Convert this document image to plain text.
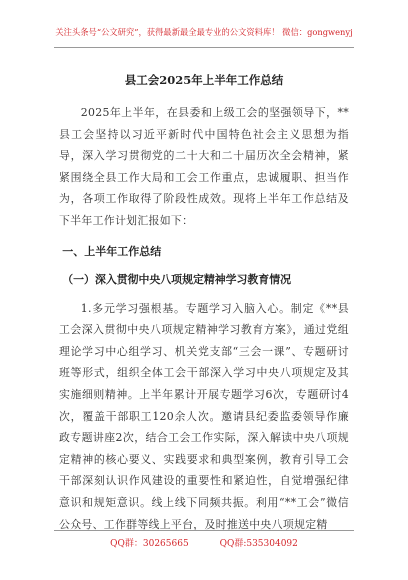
关注头条号“公文研究”，获得最新最全最专业的公文资料库！ 微信：gongwenyj
县工会2025年上半年工作总结

2025年上半年，在县委和上级工会的坚强领导下，**县工会坚持以习近平新时代中国特色社会主义思想为指导，深入学习贯彻党的二十大和二十届历次全会精神，紧紧围绕全县工作大局和工会工作重点，忠诚履职、担当作为，各项工作取得了阶段性成效。现将上半年工作总结及下半年工作计划汇报如下：

一、上半年工作总结
（一）深入贯彻中央八项规定精神学习教育情况

1.多元学习强根基。专题学习入脑入心。制定《**县工会深入贯彻中央八项规定精神学习教育方案》，通过党组理论学习中心组学习、机关党支部“三会一课”、专题研讨班等形式，组织全体工会干部深入学习中央八项规定及其实施细则精神。上半年累计开展专题学习6次，专题研讨4次，覆盖干部职工120余人次。邀请县纪委监委领导作廉政专题讲座2次，结合工会工作实际，深入解读中央八项规定精神的核心要义、实践要求和典型案例，教育引导工会干部深刻认识作风建设的重要性和紧迫性，自觉增强纪律意识和规矩意识。线上线下同频共振。利用“**工会”微信公众号、工作群等线上平台，及时推送中央八项规定精

QQ群：30265665	QQ群:535304092
